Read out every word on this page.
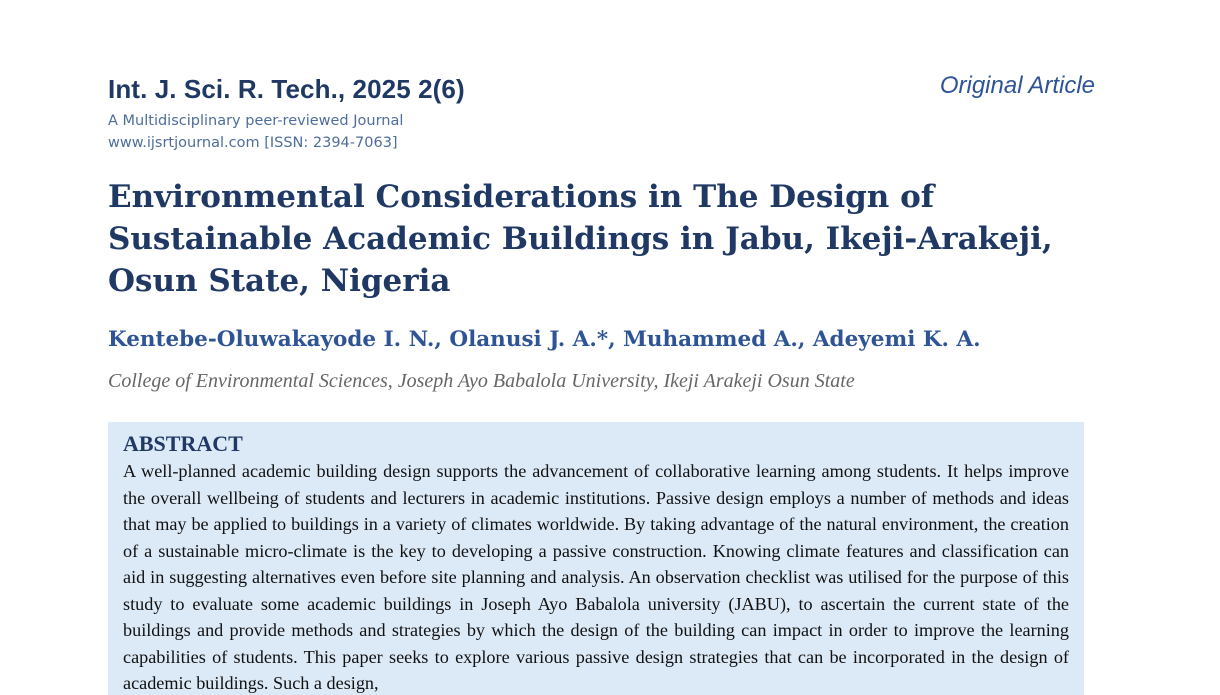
Int. J. Sci. R. Tech., 2025 2(6)
A Multidisciplinary peer-reviewed Journal
www.ijsrtjournal.com [ISSN: 2394-7063]
Original Article
Environmental Considerations in The Design of Sustainable Academic Buildings in Jabu, Ikeji-Arakeji, Osun State, Nigeria
Kentebe-Oluwakayode I. N., Olanusi J. A.*, Muhammed A., Adeyemi K. A.
College of Environmental Sciences, Joseph Ayo Babalola University, Ikeji Arakeji Osun State
ABSTRACT

A well-planned academic building design supports the advancement of collaborative learning among students. It helps improve the overall wellbeing of students and lecturers in academic institutions. Passive design employs a number of methods and ideas that may be applied to buildings in a variety of climates worldwide. By taking advantage of the natural environment, the creation of a sustainable micro-climate is the key to developing a passive construction. Knowing climate features and classification can aid in suggesting alternatives even before site planning and analysis. An observation checklist was utilised for the purpose of this study to evaluate some academic buildings in Joseph Ayo Babalola university (JABU), to ascertain the current state of the buildings and provide methods and strategies by which the design of the building can impact in order to improve the learning capabilities of students. This paper seeks to explore various passive design strategies that can be incorporated in the design of academic buildings. Such a design,
